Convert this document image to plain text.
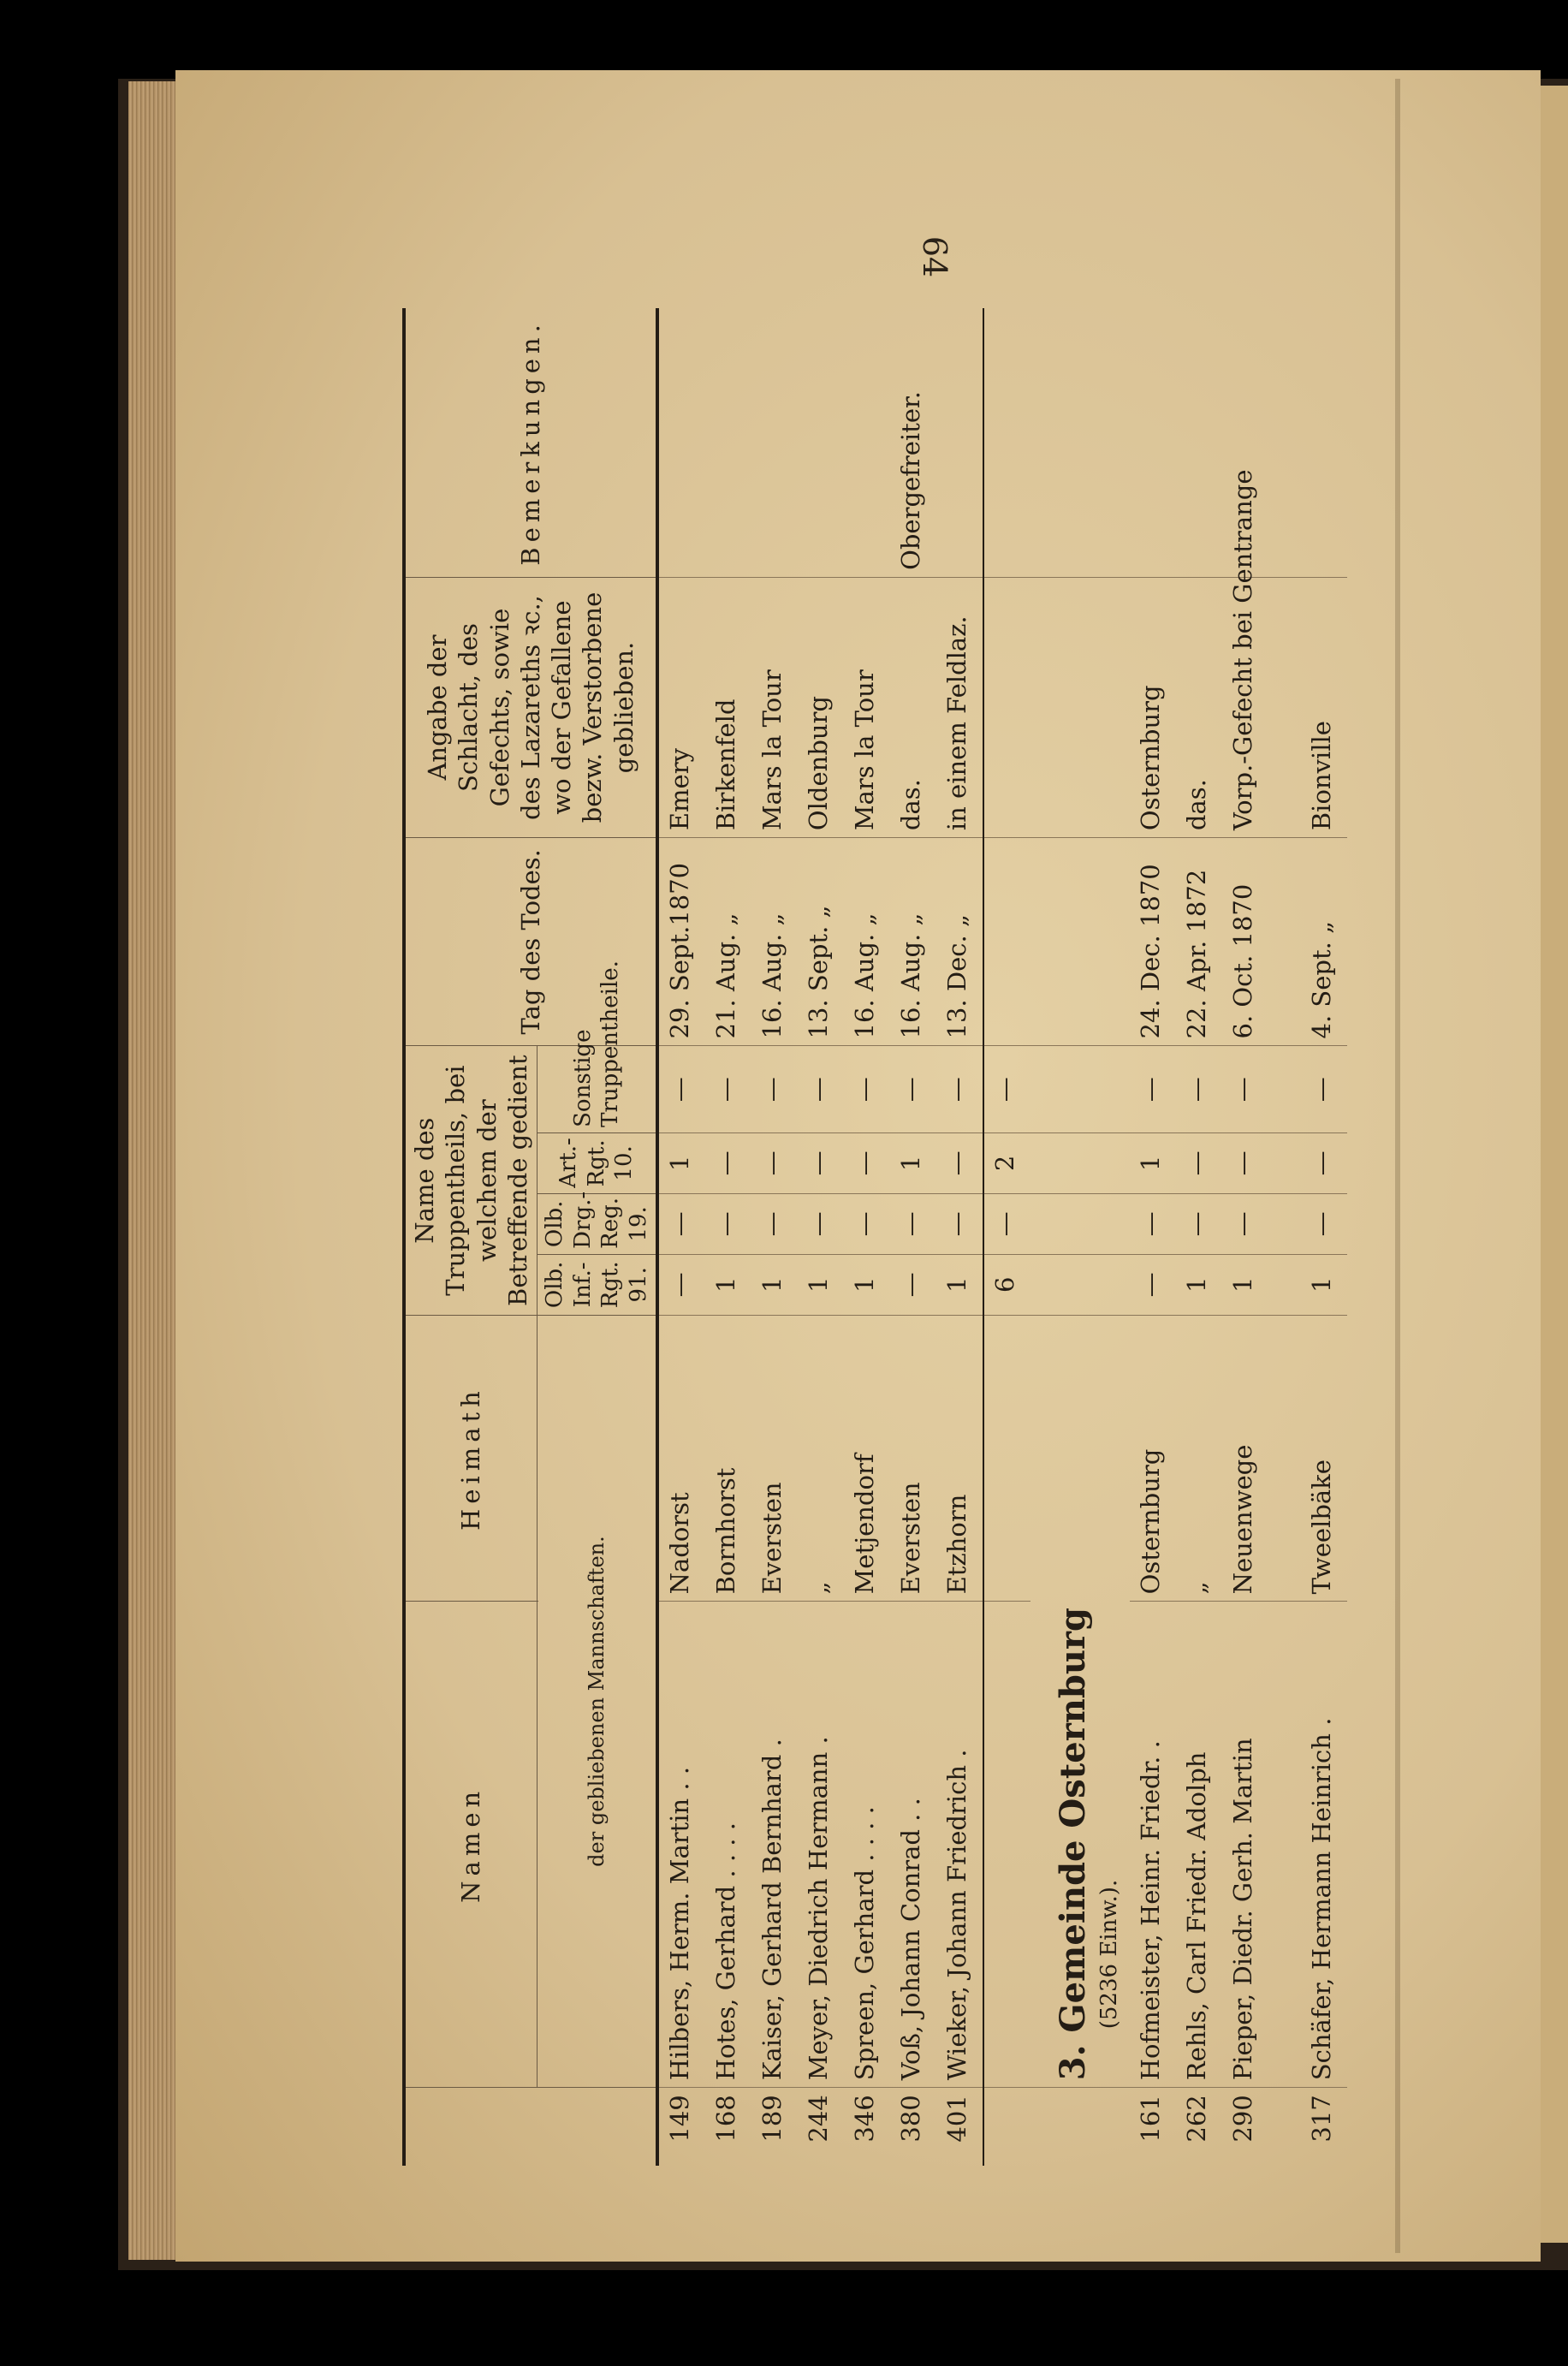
64
	Namen	Heimath	Name des Truppentheils, bei welchem der Betreffende gedient				Tag des Todes.	Angabe der Schlacht, des Gefechts, sowie des Lazareths ꝛc., wo der Gefallene bezw. Verstorbene geblieben.	Bemerkungen.
			Olb. Inf.-Rgt. 91.	Olb. Drg.-Reg. 19.	Art.-Rgt. 10.	Sonstige Truppentheile.			
	der gebliebenen Mannschaften.								
149	Hilbers, Herm. Martin . .	Nadorst	—	—	1	—	29. Sept.1870	Emery	
168	Hotes, Gerhard . . . .	Bornhorst	1	—	—	—	21. Aug. „	Birkenfeld	
189	Kaiser, Gerhard Bernhard .	Eversten	1	—	—	—	16. Aug. „	Mars la Tour	
244	Meyer, Diedrich Hermann .	„	1	—	—	—	13. Sept. „	Oldenburg	
346	Spreen, Gerhard . . . .	Metjendorf	1	—	—	—	16. Aug. „	Mars la Tour	
380	Voß, Johann Conrad . .	Eversten	—	—	1	—	16. Aug. „	das.	Obergefreiter.
401	Wieker, Johann Friedrich .	Etzhorn	1	—	—	—	13. Dec. „	in einem Feldlaz.	
			6	—	2	—			
	3. Gemeinde Osternburg (5236 Einw.).								

161	Hofmeister, Heinr. Friedr. .	Osternburg	—	—	1	—	24. Dec. 1870	Osternburg	
262	Rehls, Carl Friedr. Adolph	„	1	—	—	—	22. Apr. 1872	das.	
290	Pieper, Diedr. Gerh. Martin	Neuenwege	1	—	—	—	6. Oct. 1870	Vorp.-Gefecht bei Gentrange	

317	Schäfer, Hermann Heinrich .	Tweelbäke	1	—	—	—	4. Sept. „	Bionville	
